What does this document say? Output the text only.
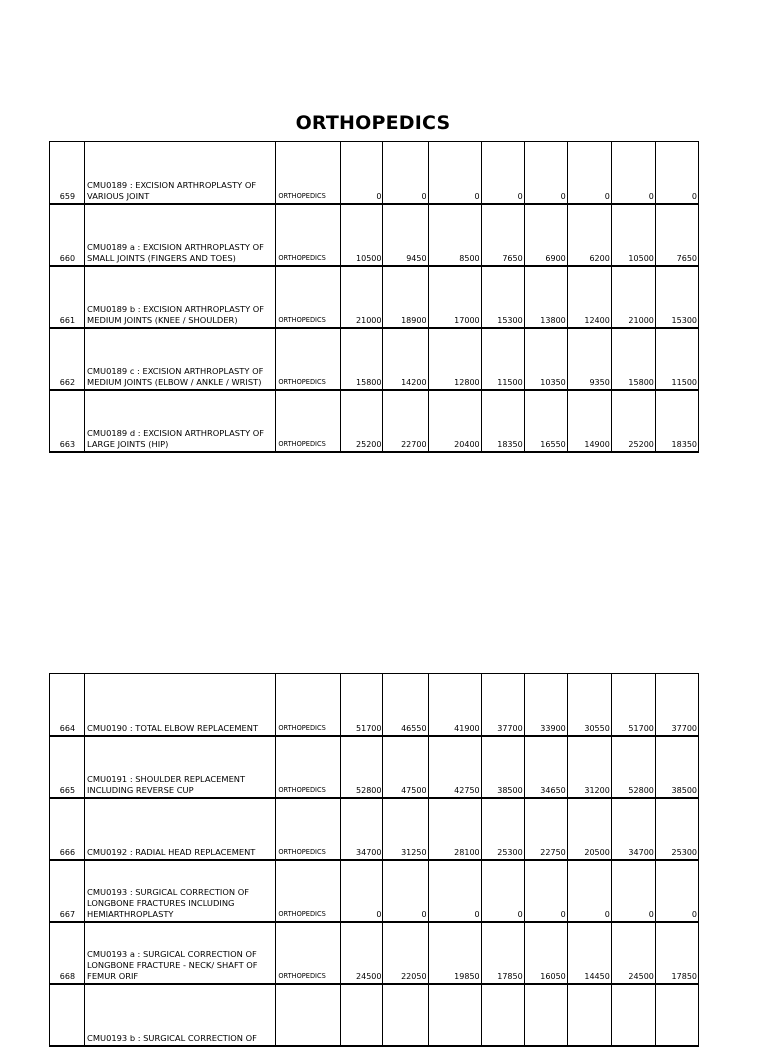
ORTHOPEDICS
659	CMU0189 : EXCISION ARTHROPLASTY OF VARIOUS JOINT	ORTHOPEDICS	0	0	0	0	0	0	0	0
660	CMU0189 a : EXCISION ARTHROPLASTY OF SMALL JOINTS (FINGERS AND TOES)	ORTHOPEDICS	10500	9450	8500	7650	6900	6200	10500	7650
661	CMU0189 b : EXCISION ARTHROPLASTY OF MEDIUM JOINTS (KNEE / SHOULDER)	ORTHOPEDICS	21000	18900	17000	15300	13800	12400	21000	15300
662	CMU0189 c : EXCISION ARTHROPLASTY OF MEDIUM JOINTS (ELBOW / ANKLE / WRIST)	ORTHOPEDICS	15800	14200	12800	11500	10350	9350	15800	11500
663	CMU0189 d : EXCISION ARTHROPLASTY OF LARGE JOINTS (HIP)	ORTHOPEDICS	25200	22700	20400	18350	16550	14900	25200	18350
664	CMU0190 : TOTAL ELBOW REPLACEMENT	ORTHOPEDICS	51700	46550	41900	37700	33900	30550	51700	37700
665	CMU0191 : SHOULDER REPLACEMENT INCLUDING REVERSE CUP	ORTHOPEDICS	52800	47500	42750	38500	34650	31200	52800	38500
666	CMU0192 : RADIAL HEAD REPLACEMENT	ORTHOPEDICS	34700	31250	28100	25300	22750	20500	34700	25300
667	CMU0193 : SURGICAL CORRECTION OF LONGBONE FRACTURES INCLUDING HEMIARTHROPLASTY	ORTHOPEDICS	0	0	0	0	0	0	0	0
668	CMU0193 a : SURGICAL CORRECTION OF LONGBONE FRACTURE - NECK/ SHAFT OF FEMUR ORIF	ORTHOPEDICS	24500	22050	19850	17850	16050	14450	24500	17850
	CMU0193 b : SURGICAL CORRECTION OF									
